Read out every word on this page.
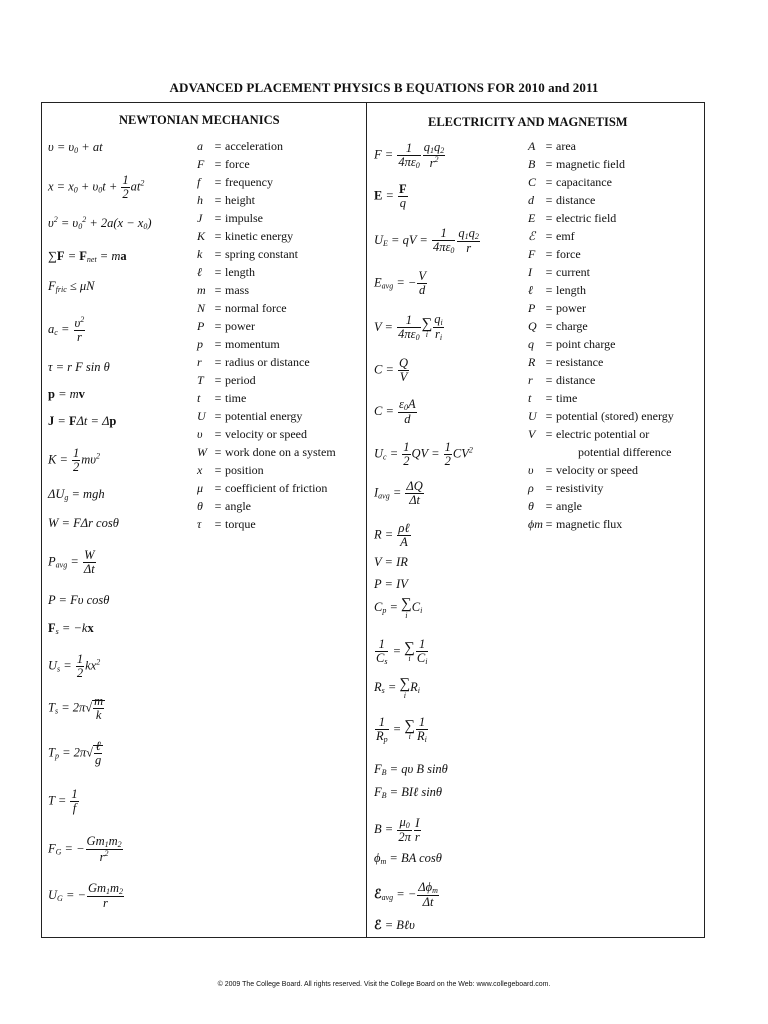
ADVANCED PLACEMENT PHYSICS B EQUATIONS FOR 2010 and 2011
NEWTONIAN MECHANICS	ELECTRICITY AND MAGNETISM
$\upsilon = \upsilon_0$ + at
$x = x_0 + \upsilon_0t + \frac{1}{2} at^2$
$\upsilon^2 = \upsilon_0^2 + 2a(x - x_0)$
$\sum F = F_{net}$ = ma
$F_{fric} \le \mu N$
$a_c = \frac{\upsilon^2}{r}$
τ = r F sin θ
p = mv
J = FΔt = Δp
$K = \frac{1}{2} m\upsilon^2$
$\Delta U_g$ = mgh
W = FΔr cosθ
$P_{avg} = \frac{W}{\Delta t}$
P = Fυ cosθ
$F_s = -kx$
$U_s = \frac{1}{2} kx^2$
$T_s = 2\pi√ \frac{m}{k}$
$T_p = 2\pi√ \frac{\text{ℓ}}{g}$
$T = \frac{1}{f}$
$F_G$ = − $\frac{Gm_1m_2}{r^2}$
$U_G$ = − $\frac{Gm_1m_2}{r}$
a = acceleration
F = force
f = frequency
h = height
J = impulse
K = kinetic energy
k = spring constant
ℓ = length
m = mass
N = normal force
P = power
p = momentum
r = radius or distance
T = period
t = time
U = potential energy
υ = velocity or speed
W = work done on a system
x = position
μ = coefficient of friction
θ = angle
τ = torque
$F = \frac{1}{4\pi\varepsilon_0} \frac{q_1q_2}{r^2}$
$E = \frac{F}{q}$
$U_E$ = qV = $\frac{1}{4\pi\varepsilon_0} \frac{q_1q_2}{r}$
$E_{avg}$ = − $\frac{V}{d}$
$V = \frac{1}{4\pi\varepsilon_0}$ ∑
i $\frac{q_i}{r_i}$
$C = \frac{Q}{V}$
$C = \frac{\varepsilon_0A}{d}$
$U_c = \frac{1}{2}$ QV = $\frac{1}{2} CV^2$
$I_{avg} = \frac{\Delta Q}{\Delta t}$
$R = \frac{\text{ρℓ}}{A}$
V = IR
P = IV
$C_p$ = ∑
i
$C_i$
$\frac{1}{C_s}$ = ∑
i $\frac{1}{C_i}$
$R_s$ = ∑
i
$R_i$
$\frac{1}{R_p}$ = ∑
i $\frac{1}{R_i}$
$F_B = q\upsilon$ B sinθ
$F_B$ = BIℓ sinθ
$B = \frac{\mu_0}{2\pi} \frac{I}{r}$
$\phi_m$ = BA cosθ
ℰ$_{avg}$ = − $\frac{\Delta\phi_m}{\Delta t}$
ℰ = Bℓυ
A = area
B = magnetic field
C = capacitance
d = distance
E = electric field
ℰ = emf
F = force
I = current
ℓ = length
P = power
Q = charge
q = point charge
R = resistance
r = distance
t = time
U = potential (stored) energy
V = electric potential or
potential difference
υ = velocity or speed
ρ = resistivity
θ = angle
ϕm = magnetic flux
© 2009 The College Board. All rights reserved. Visit the College Board on the Web: www.collegeboard.com.
